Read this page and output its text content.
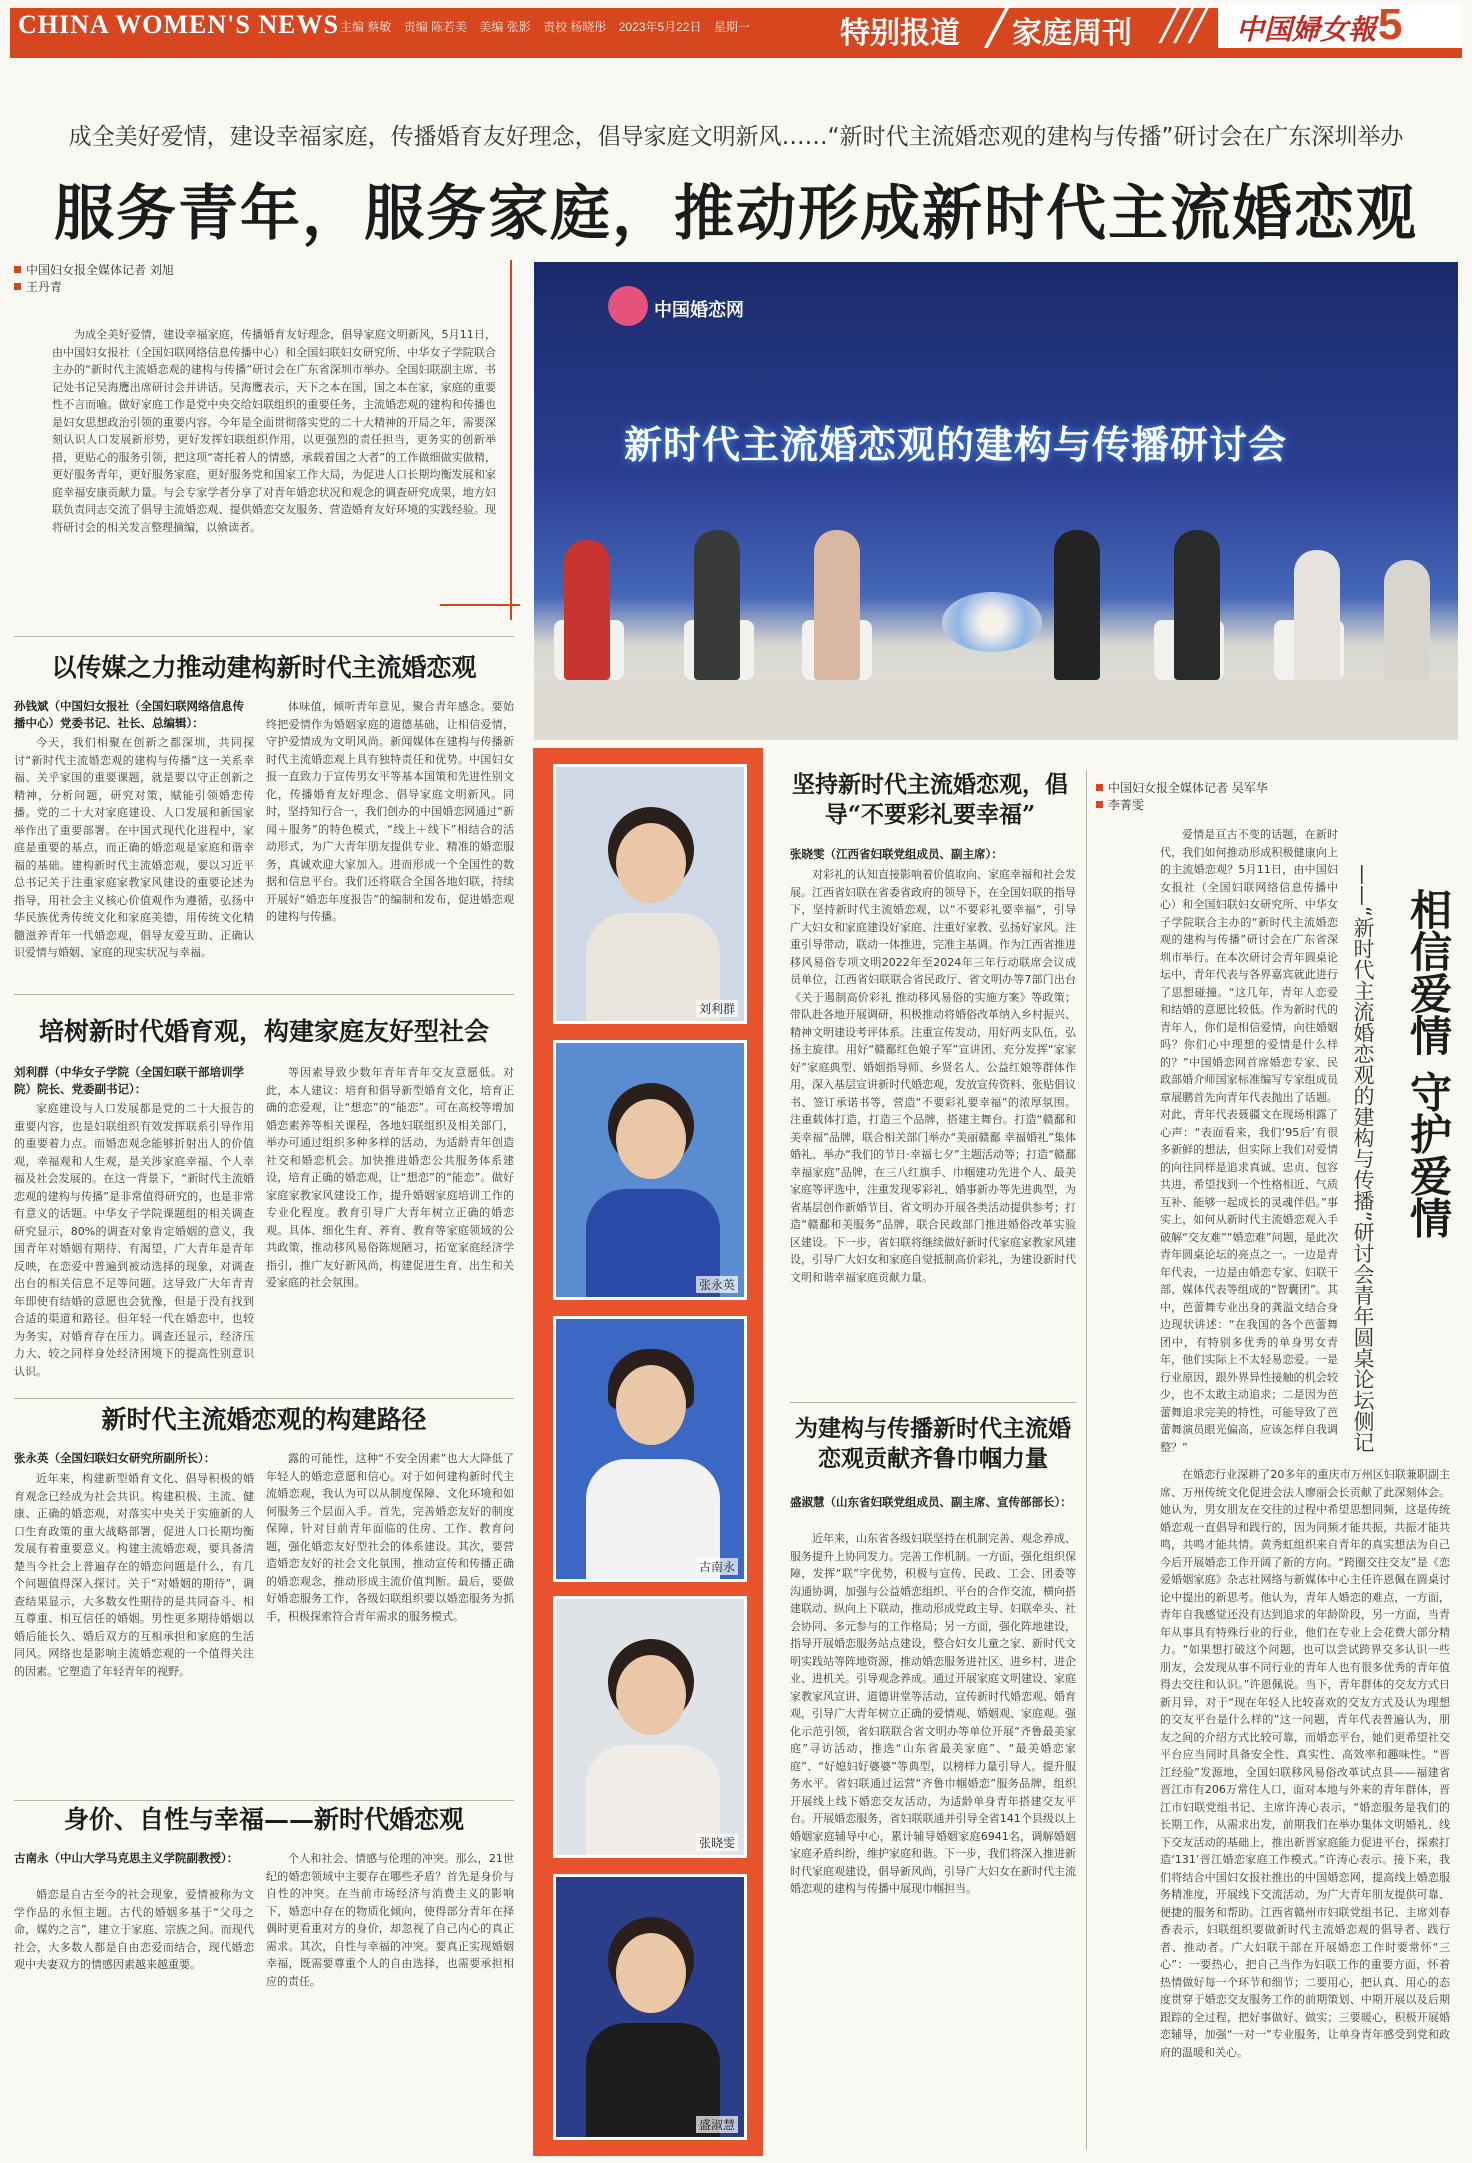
CHINA WOMEN'S NEWS 主编 蔡敏 责编 陈若美 美编 张影 责校 杨晓彤 2023年5月22日 星期一	特别报道 家庭周刊 ╱╱╱ 中国婦女報 5
成全美好爱情，建设幸福家庭，传播婚育友好理念，倡导家庭文明新风……“新时代主流婚恋观的建构与传播”研讨会在广东深圳举办
服务青年，服务家庭，推动形成新时代主流婚恋观
中国妇女报全媒体记者 刘旭
王丹青

为成全美好爱情，建设幸福家庭，传播婚育友好理念，倡导家庭文明新风，5月11日，由中国妇女报社（全国妇联网络信息传播中心）和全国妇联妇女研究所、中华女子学院联合主办的“新时代主流婚恋观的建构与传播”研讨会在广东省深圳市举办。全国妇联副主席、书记处书记吴海鹰出席研讨会并讲话。吴海鹰表示，天下之本在国，国之本在家，家庭的重要性不言而喻。做好家庭工作是党中央交给妇联组织的重要任务，主流婚恋观的建构和传播也是妇女思想政治引领的重要内容。今年是全面贯彻落实党的二十大精神的开局之年，需要深刻认识人口发展新形势，更好发挥妇联组织作用，以更强烈的责任担当，更务实的创新举措，更贴心的服务引领，把这项“寄托着人的情感，承载着国之大者”的工作做细做实做精，更好服务青年，更好服务家庭，更好服务党和国家工作大局，为促进人口长期均衡发展和家庭幸福安康贡献力量。与会专家学者分享了对青年婚恋状况和观念的调查研究成果，地方妇联负责同志交流了倡导主流婚恋观、提供婚恋交友服务、营造婚育友好环境的实践经验。现将研讨会的相关发言整理摘编，以飨读者。

中国婚恋网
新时代主流婚恋观的建构与传播研讨会
以传媒之力推动建构新时代主流婚恋观
孙钱斌（中国妇女报社（全国妇联网络信息传播中心）党委书记、社长、总编辑）：

今天，我们相聚在创新之都深圳，共同探讨“新时代主流婚恋观的建构与传播”这一关系幸福、关乎家国的重要课题，就是要以守正创新之精神，分析问题，研究对策，赋能引领婚恋传播。党的二十大对家庭建设、人口发展和新国家举作出了重要部署。在中国式现代化进程中，家庭是重要的基点，而正确的婚恋观是家庭和谐幸福的基础。建构新时代主流婚恋观，要以习近平总书记关于注重家庭家教家风建设的重要论述为指导，用社会主义核心价值观作为遵循，弘扬中华民族优秀传统文化和家庭美德，用传统文化精髓滋养青年一代婚恋观，倡导友爱互助、正确认识爱情与婚姻、家庭的现实状况与幸福。

体味值，倾听青年意见，聚合青年感念。要始终把爱情作为婚姻家庭的道德基础，让相信爱情，守护爱情成为文明风尚。新闻媒体在建构与传播新时代主流婚恋观上具有独特责任和优势。中国妇女报一直致力于宣传男女平等基本国策和先进性别文化，传播婚育友好理念、倡导家庭文明新风。同时，坚持知行合一，我们创办的中国婚恋网通过“新闻＋服务”的特色模式，“线上＋线下”相结合的活动形式，为广大青年朋友提供专业、精准的婚恋服务，真诚欢迎大家加入。进而形成一个全国性的数据和信息平台。我们还将联合全国各地妇联，持续开展好“婚恋年度报告”的编制和发布，促进婚恋观的建构与传播。

培树新时代婚育观，构建家庭友好型社会
刘利群（中华女子学院（全国妇联干部培训学院）院长、党委副书记）：

家庭建设与人口发展都是党的二十大报告的重要内容，也是妇联组织有效发挥联系引导作用的重要着力点。而婚恋观念能够折射出人的价值观，幸福观和人生观，是关涉家庭幸福、个人幸福及社会发展的。在这一背景下，“新时代主流婚恋观的建构与传播”是非常值得研究的，也是非常有意义的话题。中华女子学院课题组的相关调查研究显示，80%的调查对象肯定婚姻的意义，我国青年对婚姻有期待、有渴望，广大青年是青年反映，在恋爱中普遍到被动选择的现象，对调查出台的相关信息不足等问题。这导致广大年青青年即使有结婚的意愿也会犹豫，但是于没有找到合适的渠道和路径。但年轻一代在婚恋中，也较为务实，对婚育存在压力。调查还显示，经济压力大、较之同样身处经济困境下的提高性别意识认识。

等因素导致少数年青年青年交友意愿低。对此，本人建议：培育和倡导新型婚育文化，培育正确的恋爱观，让“想恋”的“能恋”。可在高校等增加婚恋素养等相关课程，各地妇联组织及相关部门，举办可通过组织多种多样的活动，为适龄青年创造社交和婚恋机会。加快推进婚恋公共服务体系建设，培育正确的婚恋观，让“想恋”的“能恋”。做好家庭家教家风建设工作，提升婚姻家庭培训工作的专业化程度。教育引导广大青年树立正确的婚恋观。具体、细化生育、养育、教育等家庭领域的公共政策，推动移风易俗陈规陋习，拓宽家庭经济学指引，推广友好新风尚，构建促进生育、出生和关爱家庭的社会氛围。

新时代主流婚恋观的构建路径
张永英（全国妇联妇女研究所副所长）：

近年来，构建新型婚育文化、倡导积极的婚育观念已经成为社会共识。构建积极、主流、健康、正确的婚恋观，对落实中央关于实施新的人口生育政策的重大战略部署，促进人口长期均衡发展有着重要意义。构建主流婚恋观，要具备清楚当今社会上普遍存在的婚恋问题是什么，有几个问题值得深入探讨。关于“对婚姻的期待”，调查结果显示，大多数女性期待的是共同奋斗、相互尊重、相互信任的婚姻。男性更多期待婚姻以婚后能长久、婚后双方的互相承担和家庭的生活同风。网络也是影响主流婚恋观的一个值得关注的因素。它塑造了年轻青年的视野。

露的可能性，这种“不安全因素”也大大降低了年轻人的婚恋意愿和信心。对于如何建构新时代主流婚恋观，我认为可以从制度保障、文化环境和如何服务三个层面入手。首先，完善婚恋友好的制度保障，针对目前青年面临的住房、工作、教育问题，强化婚恋友好型社会的体系建设。其次，要营造婚恋友好的社会文化氛围，推动宣传和传播正确的婚恋观念，推动形成主流价值判断。最后，要做好婚恋服务工作，各级妇联组织要以婚恋服务为抓手，积极探索符合青年需求的服务模式。

身价、自性与幸福——新时代婚恋观
古南永（中山大学马克思主义学院副教授）：

婚恋是自古至今的社会现象，爱情被称为文学作品的永恒主题。古代的婚姻多基于“父母之命，媒妁之言”，建立于家庭、宗族之间。而现代社会，大多数人都是自由恋爱而结合，现代婚恋观中夫妻双方的情感因素越来越重要。

个人和社会、情感与伦理的冲突。那么，21世纪的婚恋领域中主要存在哪些矛盾？首先是身价与自性的冲突。在当前市场经济与消费主义的影响下，婚恋中存在的物质化倾向，使得部分青年在择偶时更看重对方的身价，却忽视了自己内心的真正需求。其次，自性与幸福的冲突。要真正实现婚姻幸福，既需要尊重个人的自由选择，也需要承担相应的责任。

刘利群
张永英
古南永
张晓雯
盛淑慧
坚持新时代主流婚恋观，倡导“不要彩礼要幸福”
张晓雯（江西省妇联党组成员、副主席）：

对彩礼的认知直接影响着价值取向、家庭幸福和社会发展。江西省妇联在省委省政府的领导下，在全国妇联的指导下，坚持新时代主流婚恋观，以“不要彩礼要幸福”，引导广大妇女和家庭建设好家庭、注重好家教、弘扬好家风。注重引导带动，联动一体推进，完准主基调。作为江西省推进移风易俗专项文明2022年至2024年三年行动联席会议成员单位，江西省妇联联合省民政厅、省文明办等7部门出台《关于遏制高价彩礼 推动移风易俗的实施方案》等政策；带队赴各地开展调研，积极推动将婚俗改革纳入乡村振兴、精神文明建设考评体系。注重宣传发动，用好两支队伍，弘扬主旋律。用好“赣鄱红色娘子军”宣讲团、充分发挥“家家好”家庭典型、婚姻指导师、乡贤名人、公益红娘等群体作用，深入基层宣讲新时代婚恋观，发放宣传资料、张贴倡议书、签订承诺书等，营造“不要彩礼要幸福”的浓厚氛围。注重载体打造，打造三个品牌，搭建主舞台。打造“赣鄱和美幸福”品牌，联合相关部门举办“美丽赣鄱 幸福婚礼”集体婚礼、举办“我们的节日·幸福七夕”主题活动等；打造“赣鄱幸福家庭”品牌，在三八红旗手、巾帼建功先进个人、最美家庭等评选中，注重发现零彩礼、婚事新办等先进典型，为省基层创作新婚节目、省文明办开展各类活动提供参考；打造“赣鄱和美服务”品牌，联合民政部门推进婚俗改革实验区建设。下一步，省妇联将继续做好新时代家庭家教家风建设，引导广大妇女和家庭自觉抵制高价彩礼，为建设新时代文明和谐幸福家庭贡献力量。

为建构与传播新时代主流婚恋观贡献齐鲁巾帼力量
盛淑慧（山东省妇联党组成员、副主席、宣传部部长）：

近年来，山东省各级妇联坚持在机制完善、观念养成、服务提升上协同发力。完善工作机制。一方面，强化组织保障，发挥“联”字优势，积极与宣传、民政、工会、团委等沟通协调，加强与公益婚恋组织、平台的合作交流，横向搭建联动、纵向上下联动，推动形成党政主导、妇联牵头、社会协同、多元参与的工作格局；另一方面，强化阵地建设，指导开展婚恋服务站点建设，整合妇女儿童之家、新时代文明实践站等阵地资源，推动婚恋服务进社区、进乡村、进企业、进机关。引导观念养成。通过开展家庭文明建设、家庭家教家风宣讲、道德讲堂等活动，宣传新时代婚恋观、婚育观，引导广大青年树立正确的爱情观、婚姻观、家庭观。强化示范引领，省妇联联合省文明办等单位开展“齐鲁最美家庭”寻访活动，推选“山东省最美家庭”、“最美婚恋家庭”、“好媳妇好婆婆”等典型，以榜样力量引导人。提升服务水平。省妇联通过运营“齐鲁巾帼婚恋”服务品牌，组织开展线上线下婚恋交友活动，为适龄单身青年搭建交友平台。开展婚恋服务，省妇联联通并引导全省141个县级以上婚姻家庭辅导中心，累计辅导婚姻家庭6941名，调解婚姻家庭矛盾纠纷，维护家庭和谐。下一步，我们将深入推进新时代家庭观建设，倡导新风尚，引导广大妇女在新时代主流婚恋观的建构与传播中展现巾帼担当。

中国妇女报全媒体记者 吴军华
李菁雯

爱情是亘古不变的话题，在新时代，我们如何推动形成积极健康向上的主流婚恋观？5月11日，由中国妇女报社（全国妇联网络信息传播中心）和全国妇联妇女研究所、中华女子学院联合主办的“新时代主流婚恋观的建构与传播”研讨会在广东省深圳市举行。在本次研讨会青年圆桌论坛中，青年代表与各界嘉宾就此进行了思想碰撞。“这几年，青年人恋爱和结婚的意愿比较低。作为新时代的青年人，你们是相信爱情，向往婚姻吗？你们心中理想的爱情是什么样的？”中国婚恋网首席婚恋专家、民政部婚介师国家标准编写专家组成员章展鹏首先向青年代表抛出了话题。对此，青年代表聂疆文在现场相露了心声：“表面看来，我们‘95后’有很多新鲜的想法，但实际上我们对爱情的向往同样是追求真诚、忠贞、包容共进，希望找到一个性格相近、气质互补、能够一起成长的灵魂伴侣。”事实上，如何从新时代主流婚恋观入手破解“交友难”“婚恋难”问题，是此次青年圆桌论坛的亮点之一。一边是青年代表，一边是由婚恋专家、妇联干部、媒体代表等组成的“智囊团”。其中，芭蕾舞专业出身的龚溢文结合身边现状讲述：“在我国的各个芭蕾舞团中，有特别多优秀的单身男女青年，他们实际上不太轻易恋爱。一是行业原因，跟外界异性接触的机会较少，也不太敢主动追求；二是因为芭蕾舞追求完美的特性，可能导致了芭蕾舞演员眼光偏高，应该怎样自我调整？”

相信爱情 守护爱情
——“新时代主流婚恋观的建构与传播”研讨会青年圆桌论坛侧记

在婚恋行业深耕了20多年的重庆市万州区妇联兼职副主席、万州传统文化促进会法人廖丽会长贡献了此深刻体会。她认为，男女朋友在交往的过程中希望思想同频，这是传统婚恋观一直倡导和践行的，因为同频才能共振，共振才能共鸣，共鸣才能共情。黄秀虹组织来自青年的真实想法为自己今后开展婚恋工作开阔了新的方向。“跨圈交往交友”是《恋爱婚姻家庭》杂志社网络与新媒体中心主任许恩佩在圆桌讨论中提出的新思考。他认为，青年人婚恋的难点，一方面，青年自我感觉还没有达到追求的年龄阶段，另一方面，当青年从事具有特殊行业的行业，他们在专业上会花费大部分精力。“如果想打破这个问题，也可以尝试跨界交多认识一些朋友，会发现从事不同行业的青年人也有很多优秀的青年值得去交往和认识。”许恩佩说。当下，青年群体的交友方式日新月异，对于“现在年轻人比较喜欢的交友方式及认为理想的交友平台是什么样的”这一问题，青年代表普遍认为，朋友之间的介绍方式比较可靠，而婚恋平台，她们更希望社交平台应当同时具备安全性、真实性、高效率和趣味性。“晋江经验”发源地，全国妇联移风易俗改革试点县——福建省晋江市有206万常住人口，面对本地与外来的青年群体，晋江市妇联党组书记、主席许涛心表示，“婚恋服务是我们的长期工作，从需求出发，前期我们在举办集体文明婚礼、线下交友活动的基础上，推出新晋家庭能力促进平台，探索打造‘131’晋江婚恋家庭工作模式。”许涛心表示。接下来，我们将结合中国妇女报社推出的中国婚恋网，提高线上婚恋服务精准度，开展线下交流活动，为广大青年朋友提供可靠、便捷的服务和帮助。江西省赣州市妇联党组书记、主席刘春香表示，妇联组织要做新时代主流婚恋观的倡导者、践行者、推动者。广大妇联干部在开展婚恋工作时要常怀“三心”：一要热心，把自己当作为妇联工作的重要方面，怀着热情做好每一个环节和细节；二要用心，把认真、用心的态度贯穿于婚恋交友服务工作的前期策划、中期开展以及后期跟踪的全过程，把好事做好、做实；三要暖心，积极开展婚恋辅导，加强“一对一”专业服务，让单身青年感受到党和政府的温暖和关心。
